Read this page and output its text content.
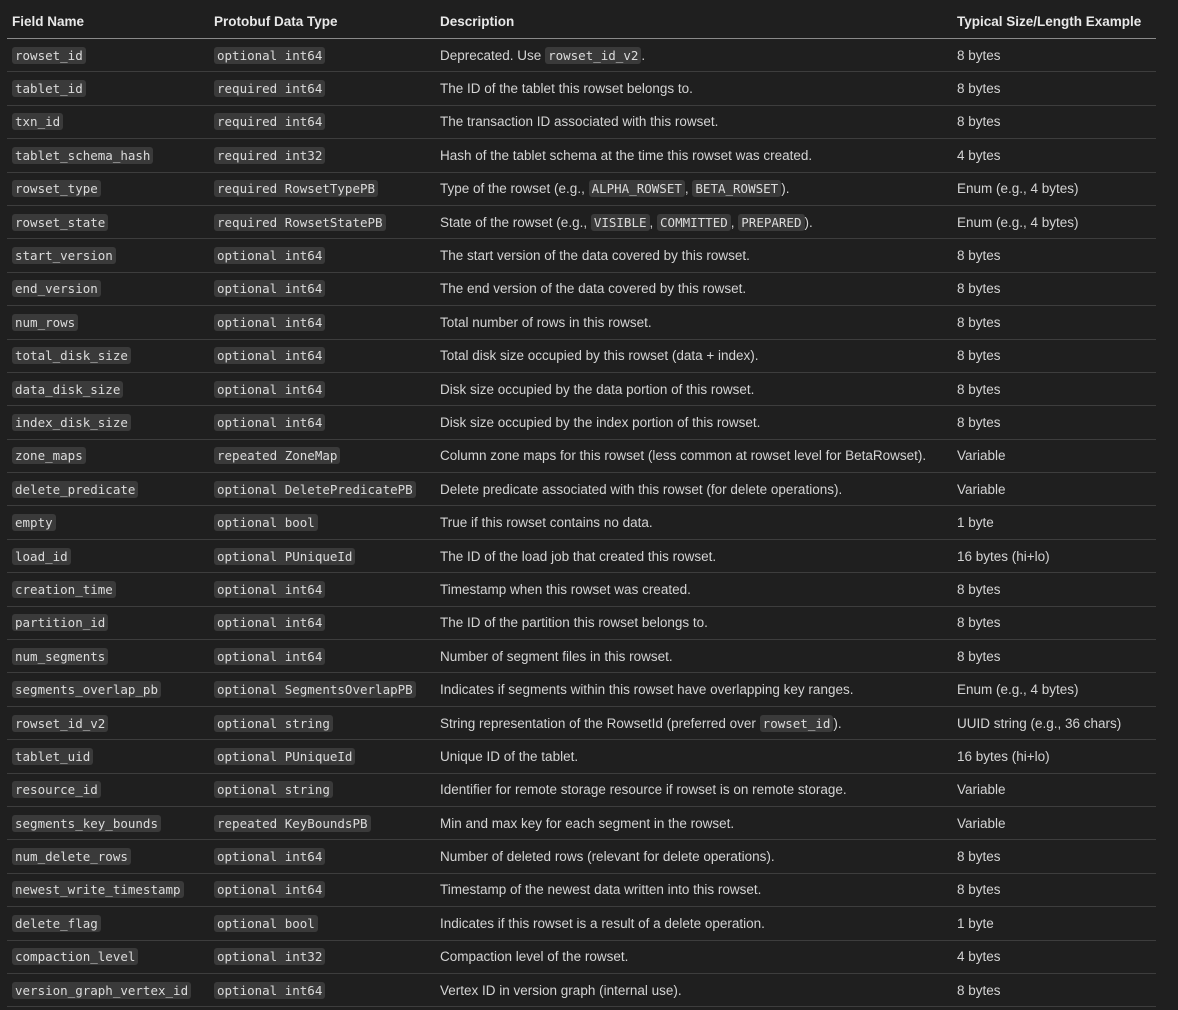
Field Name	Protobuf Data Type	Description	Typical Size/Length Example
rowset_id	optional int64	Deprecated. Use rowset_id_v2 .	8 bytes
tablet_id	required int64	The ID of the tablet this rowset belongs to.	8 bytes
txn_id	required int64	The transaction ID associated with this rowset.	8 bytes
tablet_schema_hash	required int32	Hash of the tablet schema at the time this rowset was created.	4 bytes
rowset_type	required RowsetTypePB	Type of the rowset (e.g., ALPHA_ROWSET , BETA_ROWSET ).	Enum (e.g., 4 bytes)
rowset_state	required RowsetStatePB	State of the rowset (e.g., VISIBLE , COMMITTED , PREPARED ).	Enum (e.g., 4 bytes)
start_version	optional int64	The start version of the data covered by this rowset.	8 bytes
end_version	optional int64	The end version of the data covered by this rowset.	8 bytes
num_rows	optional int64	Total number of rows in this rowset.	8 bytes
total_disk_size	optional int64	Total disk size occupied by this rowset (data + index).	8 bytes
data_disk_size	optional int64	Disk size occupied by the data portion of this rowset.	8 bytes
index_disk_size	optional int64	Disk size occupied by the index portion of this rowset.	8 bytes
zone_maps	repeated ZoneMap	Column zone maps for this rowset (less common at rowset level for BetaRowset).	Variable
delete_predicate	optional DeletePredicatePB	Delete predicate associated with this rowset (for delete operations).	Variable
empty	optional bool	True if this rowset contains no data.	1 byte
load_id	optional PUniqueId	The ID of the load job that created this rowset.	16 bytes (hi+lo)
creation_time	optional int64	Timestamp when this rowset was created.	8 bytes
partition_id	optional int64	The ID of the partition this rowset belongs to.	8 bytes
num_segments	optional int64	Number of segment files in this rowset.	8 bytes
segments_overlap_pb	optional SegmentsOverlapPB	Indicates if segments within this rowset have overlapping key ranges.	Enum (e.g., 4 bytes)
rowset_id_v2	optional string	String representation of the RowsetId (preferred over rowset_id ).	UUID string (e.g., 36 chars)
tablet_uid	optional PUniqueId	Unique ID of the tablet.	16 bytes (hi+lo)
resource_id	optional string	Identifier for remote storage resource if rowset is on remote storage.	Variable
segments_key_bounds	repeated KeyBoundsPB	Min and max key for each segment in the rowset.	Variable
num_delete_rows	optional int64	Number of deleted rows (relevant for delete operations).	8 bytes
newest_write_timestamp	optional int64	Timestamp of the newest data written into this rowset.	8 bytes
delete_flag	optional bool	Indicates if this rowset is a result of a delete operation.	1 byte
compaction_level	optional int32	Compaction level of the rowset.	4 bytes
version_graph_vertex_id	optional int64	Vertex ID in version graph (internal use).	8 bytes
